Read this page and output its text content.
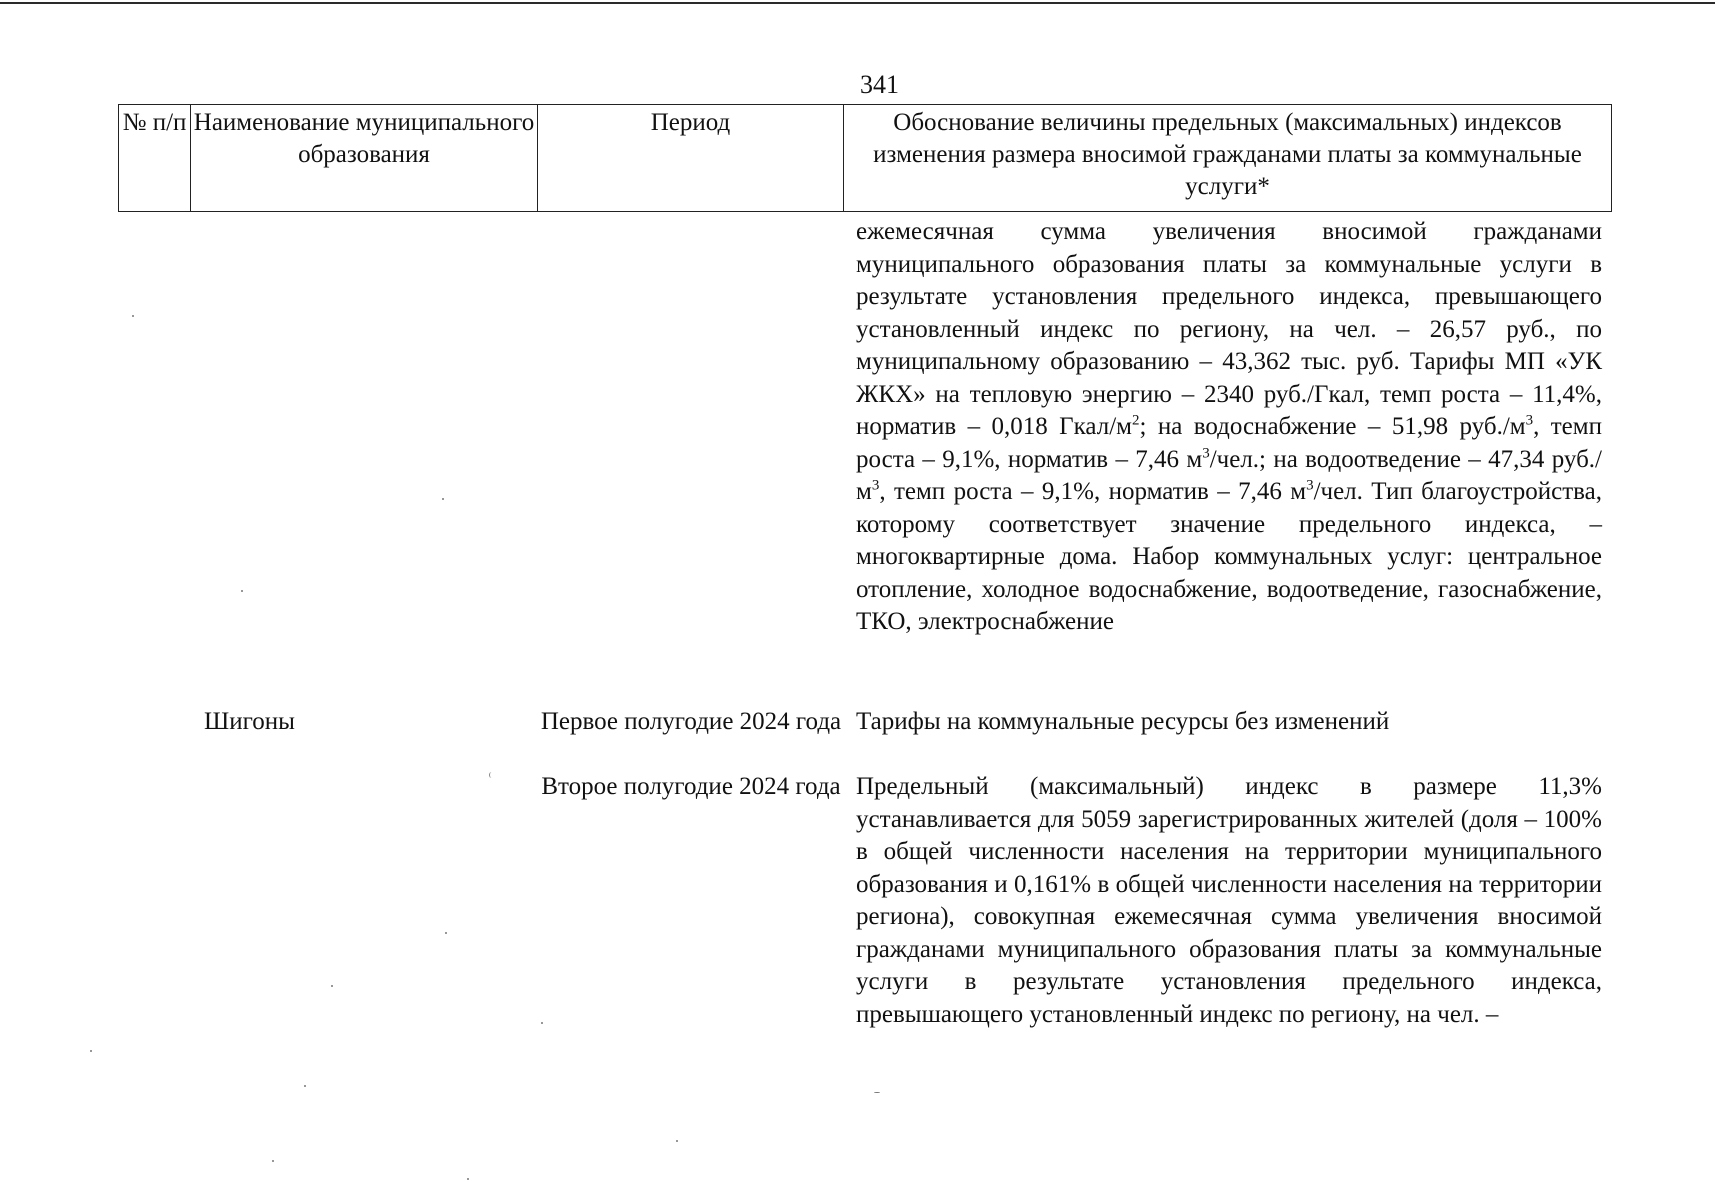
341
№ п/п Наименование муниципального образования
Период	Обоснование величины предельных (максимальных) индексов изменения размера вносимой гражданами платы за коммунальные услуги*
ежемесячная сумма увеличения вносимой гражданами муниципального образования платы за коммунальные услуги в результате установления предельного индекса, превышающего установленный индекс по региону, на чел. – 26,57 руб., по муниципальному образованию – 43,362 тыс. руб. Тарифы МП «УК ЖКХ» на тепловую энергию – 2340 руб./Гкал, темп роста – 11,4%, норматив – 0,018 Гкал/$м^2$; на водоснабжение – 51,98 $руб./м^3$, темп роста – 9,1%, норматив – 7,46 $м^3$/чел.; на водоотведение – 47,34 $руб./м^3$, темп роста – 9,1%, норматив – 7,46 $м^3$/чел. Тип благоустройства, которому соответствует значение предельного индекса, – многоквартирные дома. Набор коммунальных услуг: центральное отопление, холодное водоснабжение, водоотведение, газоснабжение, ТКО, электроснабжение
Шигоны	Первое полугодие 2024 года Тарифы на коммунальные ресурсы без изменений
Второе полугодие 2024 года Предельный (максимальный) индекс в размере 11,3% устанавливается для 5059 зарегистрированных жителей (доля – 100% в общей численности населения на территории муниципального образования и 0,161% в общей численности населения на территории региона), совокупная ежемесячная сумма увеличения вносимой гражданами муниципального образования платы за коммунальные услуги в результате установления предельного индекса, превышающего установленный индекс по региону, на чел. –
